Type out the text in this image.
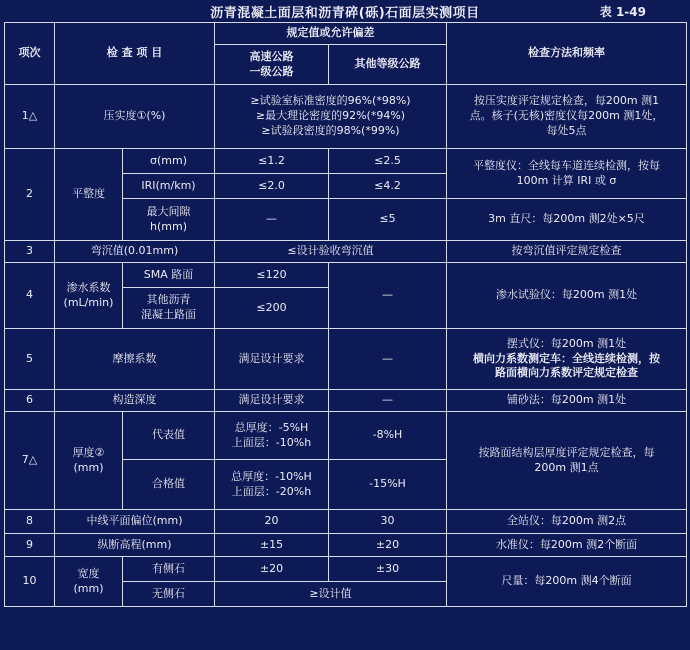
沥青混凝土面层和沥青碎(砾)石面层实测项目	表 1-49
项次	检 查 项 目		规定值或允许偏差		检查方法和频率

			高速公路
一级公路	其他等级公路	
1△	压实度①(%)		≥试验室标准密度的96%(*98%)
≥最大理论密度的92%(*94%)
≥试验段密度的98%(*99%)		按压实度评定规定检查，每200m 测1
点。核子(无核)密度仪每200m 测1处，
每处5点

2	平整度	σ(mm)	≤1.2	≤2.5	平整度仪：全线每车道连续检测，按每
100m 计算 IRI 或 σ

		IRI(m/km)	≤2.0	≤4.2	

		最大间隙
h(mm)	—	≤5	3m 直尺：每200m 测2处×5尺
3	弯沉值(0.01mm)		≤设计验收弯沉值		按弯沉值评定规定检查
4	渗水系数
(mL/min)	SMA 路面	≤120	—	渗水试验仪：每200m 测1处

		其他沥青
混凝土路面	≤200		
5	摩擦系数		满足设计要求	—	摆式仪：每200m 测1处
横向力系数测定车：全线连续检测，按
路面横向力系数评定规定检查

6	构造深度		满足设计要求	—	铺砂法：每200m 测1处
7△	厚度②
(mm)	代表值	总厚度：-5%H
上面层：-10%h	-8%H	按路面结构层厚度评定规定检查，每
200m 测1点

		合格值	总厚度：-10%H
上面层：-20%h	-15%H	
8	中线平面偏位(mm)		20	30	全站仪：每200m 测2点
9	纵断高程(mm)		±15	±20	水准仪：每200m 测2个断面
10	宽度
(mm)	有侧石	±20	±30	尺量：每200m 测4个断面
		无侧石	≥设计值		
